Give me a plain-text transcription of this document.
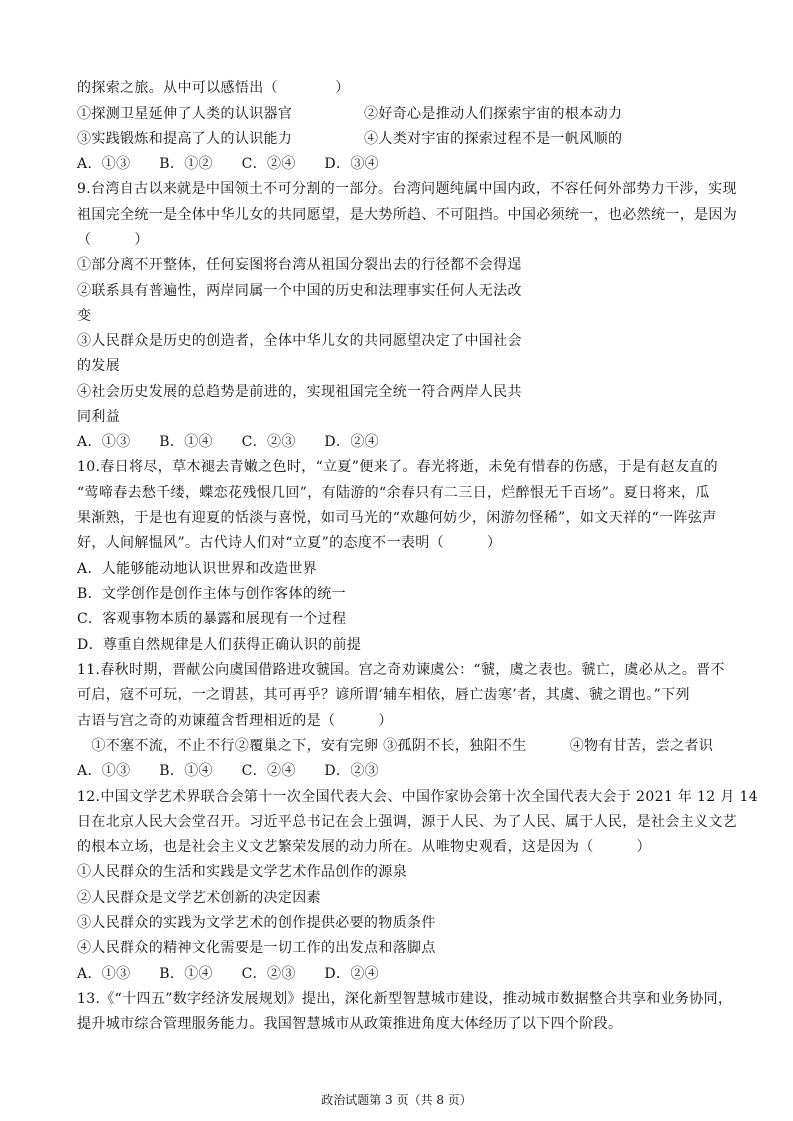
的探索之旅。从中可以感悟出（　　　　）

①探测卫星延伸了人类的认识器官　　　　　②好奇心是推动人们探索宇宙的根本动力

③实践锻炼和提高了人的认识能力　　　　　④人类对宇宙的探索过程不是一帆风顺的

A．①③　　B．①②　　C．②④　　D．③④

9.台湾自古以来就是中国领土不可分割的一部分。台湾问题纯属中国内政，不容任何外部势力干涉，实现

祖国完全统一是全体中华儿女的共同愿望，是大势所趋、不可阻挡。中国必须统一，也必然统一，是因为

（　　　）

①部分离不开整体，任何妄图将台湾从祖国分裂出去的行径都不会得逞

②联系具有普遍性，两岸同属一个中国的历史和法理事实任何人无法改

变

③人民群众是历史的创造者，全体中华儿女的共同愿望决定了中国社会

的发展

④社会历史发展的总趋势是前进的，实现祖国完全统一符合两岸人民共

同利益

A．①③　　B．①④　　C．②③　　D．②④

10.春日将尽，草木褪去青嫩之色时，“立夏”便来了。春光将逝，未免有惜春的伤感，于是有赵友直的

“莺啼春去愁千缕，蝶恋花残恨几回”，有陆游的“余春只有二三日，烂醉恨无千百场”。夏日将来，瓜

果渐熟，于是也有迎夏的恬淡与喜悦，如司马光的“欢趣何妨少，闲游勿怪稀”，如文天祥的“一阵弦声

好，人间解愠风”。古代诗人们对“立夏”的态度不一表明（　　　）

A．人能够能动地认识世界和改造世界

B．文学创作是创作主体与创作客体的统一

C．客观事物本质的暴露和展现有一个过程

D．尊重自然规律是人们获得正确认识的前提

11.春秋时期，晋献公向虞国借路进攻虢国。宫之奇劝谏虞公：“虢，虞之表也。虢亡，虞必从之。晋不

可启，寇不可玩，一之谓甚，其可再乎？谚所谓‘辅车相依，唇亡齿寒’者，其虞、虢之谓也。”下列

古语与宫之奇的劝谏蕴含哲理相近的是（　　　）

　①不塞不流，不止不行②覆巢之下，安有完卵 ③孤阴不长，独阳不生　　　④物有甘苦，尝之者识

A．①③　　B．①④　　C．②④　　D．②③

12.中国文学艺术界联合会第十一次全国代表大会、中国作家协会第十次全国代表大会于 2021 年 12 月 14

日在北京人民大会堂召开。习近平总书记在会上强调，源于人民、为了人民、属于人民，是社会主义文艺

的根本立场，也是社会主义文艺繁荣发展的动力所在。从唯物史观看，这是因为（　　　）

①人民群众的生活和实践是文学艺术作品创作的源泉

②人民群众是文学艺术创新的决定因素

③人民群众的实践为文学艺术的创作提供必要的物质条件

④人民群众的精神文化需要是一切工作的出发点和落脚点

A．①③　　B．①④　　C．②③　　D．②④

13.《“十四五”数字经济发展规划》提出，深化新型智慧城市建设，推动城市数据整合共享和业务协同，

提升城市综合管理服务能力。我国智慧城市从政策推进角度大体经历了以下四个阶段。

政治试题第 3 页（共 8 页）
